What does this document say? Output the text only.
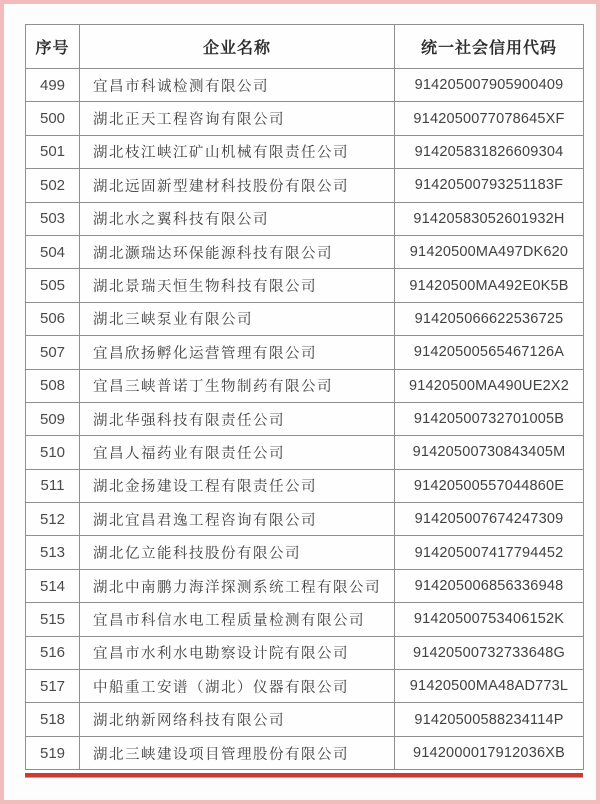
序号	企业名称	统一社会信用代码
499	宜昌市科诚检测有限公司	914205007905900409
500	湖北正天工程咨询有限公司	9142050077078645XF
501	湖北枝江峡江矿山机械有限责任公司	914205831826609304
502	湖北远固新型建材科技股份有限公司	91420500793251183F
503	湖北水之翼科技有限公司	91420583052601932H
504	湖北灏瑞达环保能源科技有限公司	91420500MA497DK620
505	湖北景瑞天恒生物科技有限公司	91420500MA492E0K5B
506	湖北三峡泵业有限公司	914205066622536725
507	宜昌欣扬孵化运营管理有限公司	91420500565467126A
508	宜昌三峡普诺丁生物制药有限公司	91420500MA490UE2X2
509	湖北华强科技有限责任公司	91420500732701005B
510	宜昌人福药业有限责任公司	91420500730843405M
511	湖北金扬建设工程有限责任公司	91420500557044860E
512	湖北宜昌君逸工程咨询有限公司	914205007674247309
513	湖北亿立能科技股份有限公司	914205007417794452
514	湖北中南鹏力海洋探测系统工程有限公司	914205006856336948
515	宜昌市科信水电工程质量检测有限公司	91420500753406152K
516	宜昌市水利水电勘察设计院有限公司	91420500732733648G
517	中船重工安谱（湖北）仪器有限公司	91420500MA48AD773L
518	湖北纳新网络科技有限公司	91420500588234114P
519	湖北三峡建设项目管理股份有限公司	9142000017912036XB
